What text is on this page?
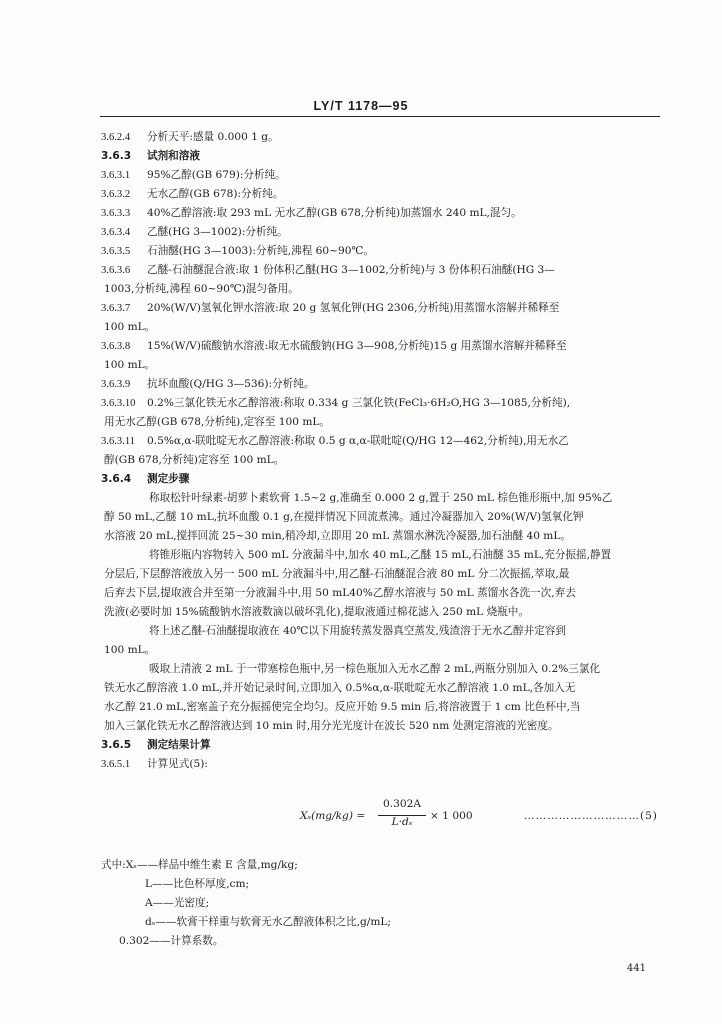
LY/T 1178—95
3.6.2.4 分析天平:感量 0.000 1 g。
3.6.3 试剂和溶液
3.6.3.1 95%乙醇(GB 679):分析纯。
3.6.3.2 无水乙醇(GB 678):分析纯。
3.6.3.3 40%乙醇溶液:取 293 mL 无水乙醇(GB 678,分析纯)加蒸馏水 240 mL,混匀。
3.6.3.4 乙醚(HG 3—1002):分析纯。
3.6.3.5 石油醚(HG 3—1003):分析纯,沸程 60~90℃。
3.6.3.6 乙醚-石油醚混合液:取 1 份体积乙醚(HG 3—1002,分析纯)与 3 份体积石油醚(HG 3—
1003,分析纯,沸程 60~90℃)混匀备用。
3.6.3.7 20%(W/V)氢氧化钾水溶液:取 20 g 氢氧化钾(HG 2306,分析纯)用蒸馏水溶解并稀释至
100 mL。
3.6.3.8 15%(W/V)硫酸钠水溶液:取无水硫酸钠(HG 3—908,分析纯)15 g 用蒸馏水溶解并稀释至
100 mL。
3.6.3.9 抗坏血酸(Q/HG 3—536):分析纯。
3.6.3.10 0.2%三氯化铁无水乙醇溶液:称取 0.334 g 三氯化铁(FeCl₃·6H₂O,HG 3—1085,分析纯),
用无水乙醇(GB 678,分析纯),定容至 100 mL。
3.6.3.11 0.5%α,α-联吡啶无水乙醇溶液:称取 0.5 g α,α-联吡啶(Q/HG 12—462,分析纯),用无水乙
醇(GB 678,分析纯)定容至 100 mL。
3.6.4 测定步骤
称取松针叶绿素-胡萝卜素软膏 1.5~2 g,准确至 0.000 2 g,置于 250 mL 棕色锥形瓶中,加 95%乙
醇 50 mL,乙醚 10 mL,抗坏血酸 0.1 g,在搅拌情况下回流煮沸。通过冷凝器加入 20%(W/V)氢氧化钾
水溶液 20 mL,搅拌回流 25~30 min,稍冷却,立即用 20 mL 蒸馏水淋洗冷凝器,加石油醚 40 mL。
将锥形瓶内容物转入 500 mL 分液漏斗中,加水 40 mL,乙醚 15 mL,石油醚 35 mL,充分振摇,静置
分层后,下层醇溶液放入另一 500 mL 分液漏斗中,用乙醚-石油醚混合液 80 mL 分二次振摇,萃取,最
后弃去下层,提取液合并至第一分液漏斗中,用 50 mL40%乙醇水溶液与 50 mL 蒸馏水各洗一次,弃去
洗液(必要时加 15%硫酸钠水溶液数滴以破坏乳化),提取液通过棉花滤入 250 mL 烧瓶中。
将上述乙醚-石油醚提取液在 40℃以下用旋转蒸发器真空蒸发,残渣溶于无水乙醇并定容到
100 mL。
吸取上清液 2 mL 于一带塞棕色瓶中,另一棕色瓶加入无水乙醇 2 mL,两瓶分别加入 0.2%三氯化
铁无水乙醇溶液 1.0 mL,并开始记录时间,立即加入 0.5%α,α-联吡啶无水乙醇溶液 1.0 mL,各加入无
水乙醇 21.0 mL,密塞盖子充分振摇使完全均匀。反应开始 9.5 min 后,将溶液置于 1 cm 比色杯中,当
加入三氯化铁无水乙醇溶液达到 10 min 时,用分光光度计在波长 520 nm 处测定溶液的光密度。
3.6.5 测定结果计算
3.6.5.1 计算见式(5):
$X_s(mg/kg) = \frac{0.302A}{\text{L·dₛ}} \times 1$ 000	…………………………(5)
式中:Xₛ——样品中维生素 E 含量,mg/kg;
L——比色杯厚度,cm;
A——光密度;
dₛ——软膏干样重与软膏无水乙醇液体积之比,g/mL;
0.302——计算系数。
441
